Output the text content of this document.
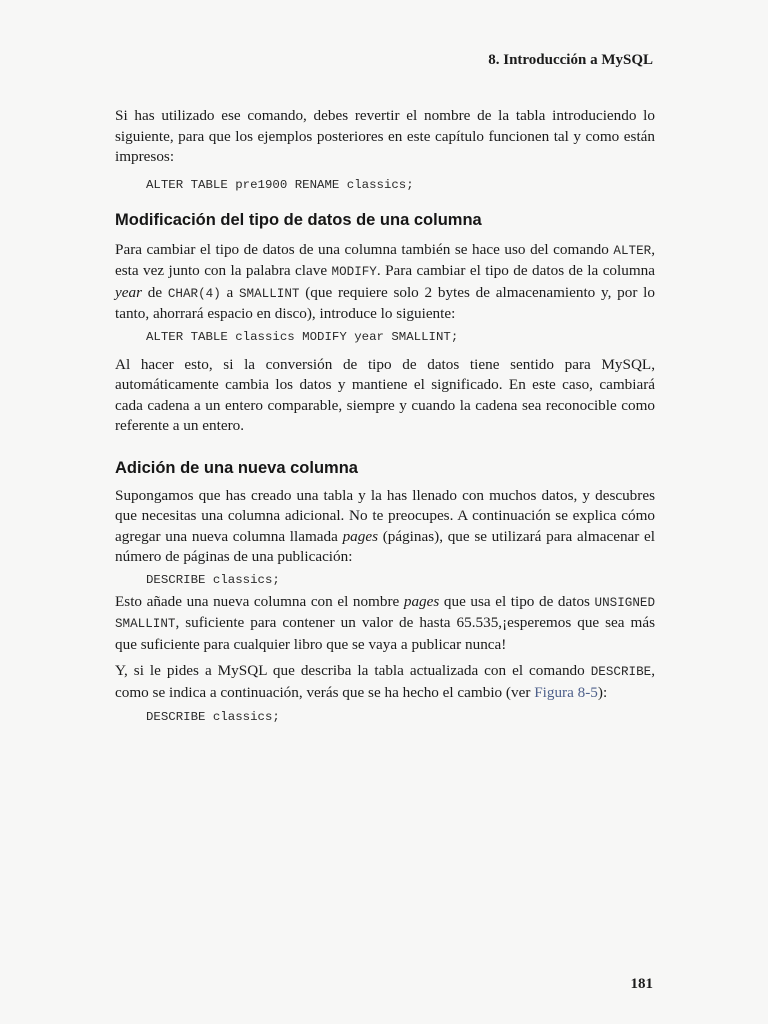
8. Introducción a MySQL

Si has utilizado ese comando, debes revertir el nombre de la tabla introduciendo lo siguiente, para que los ejemplos posteriores en este capítulo funcionen tal y como están impresos:

ALTER TABLE pre1900 RENAME classics;
Modificación del tipo de datos de una columna

Para cambiar el tipo de datos de una columna también se hace uso del comando ALTER, esta vez junto con la palabra clave MODIFY. Para cambiar el tipo de datos de la columna year de CHAR(4) a SMALLINT (que requiere solo 2 bytes de almacenamiento y, por lo tanto, ahorrará espacio en disco), introduce lo siguiente:

ALTER TABLE classics MODIFY year SMALLINT;

Al hacer esto, si la conversión de tipo de datos tiene sentido para MySQL, automáticamente cambia los datos y mantiene el significado. En este caso, cambiará cada cadena a un entero comparable, siempre y cuando la cadena sea reconocible como referente a un entero.

Adición de una nueva columna

Supongamos que has creado una tabla y la has llenado con muchos datos, y descubres que necesitas una columna adicional. No te preocupes. A continuación se explica cómo agregar una nueva columna llamada pages (páginas), que se utilizará para almacenar el número de páginas de una publicación:

DESCRIBE classics;

Esto añade una nueva columna con el nombre pages que usa el tipo de datos UNSIGNED SMALLINT, suficiente para contener un valor de hasta 65.535,¡esperemos que sea más que suficiente para cualquier libro que se vaya a publicar nunca!

Y, si le pides a MySQL que describa la tabla actualizada con el comando DESCRIBE, como se indica a continuación, verás que se ha hecho el cambio (ver Figura 8-5):

DESCRIBE classics;
181
